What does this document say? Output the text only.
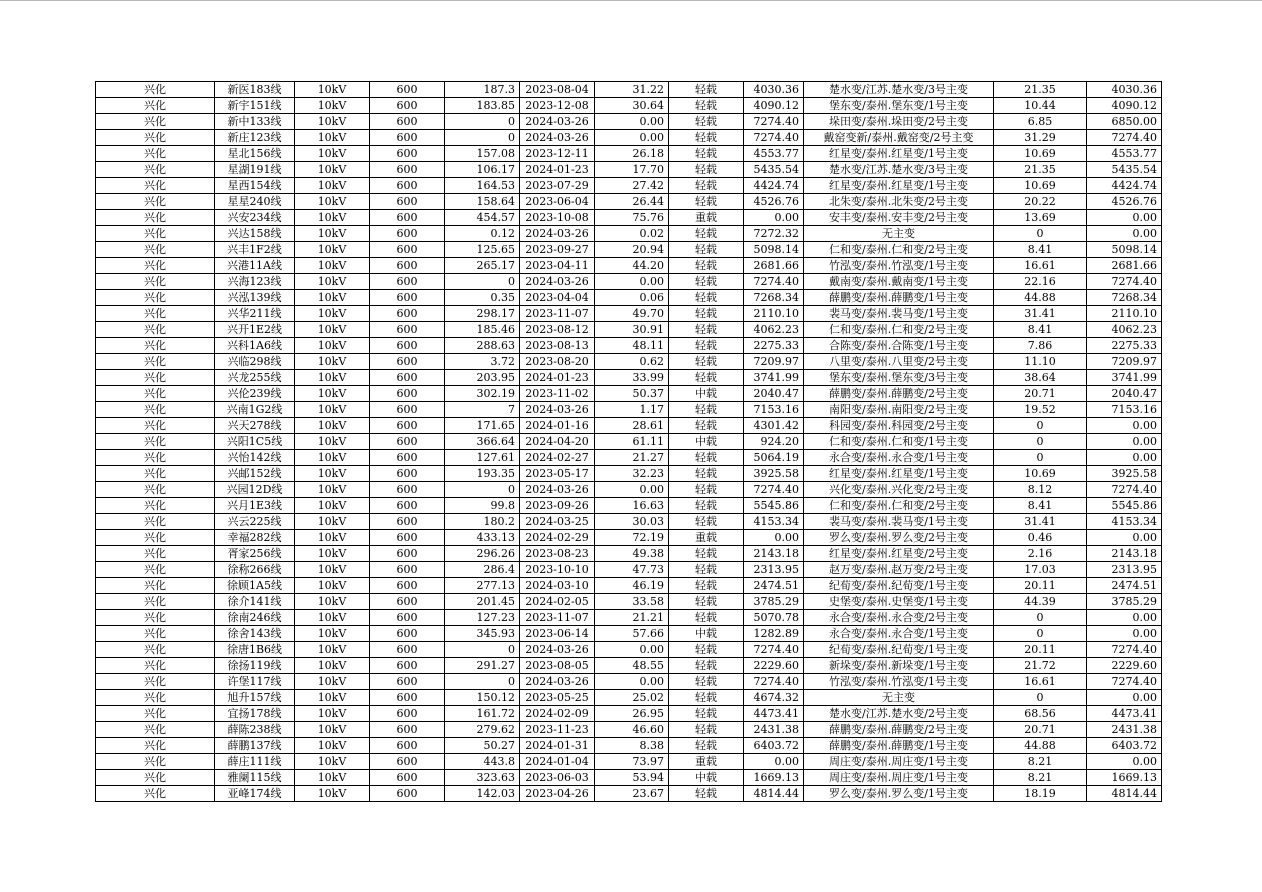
兴化	新医183线	10kV	600	187.3	2023-08-04	31.22	轻载	4030.36	楚水变/江苏.楚水变/3号主变	21.35	4030.36
兴化	新宇151线	10kV	600	183.85	2023-12-08	30.64	轻载	4090.12	堡东变/泰州.堡东变/1号主变	10.44	4090.12
兴化	新中133线	10kV	600	0	2024-03-26	0.00	轻载	7274.40	垛田变/泰州.垛田变/2号主变	6.85	6850.00
兴化	新庄123线	10kV	600	0	2024-03-26	0.00	轻载	7274.40	戴窑变新/泰州.戴窑变/2号主变	31.29	7274.40
兴化	星北156线	10kV	600	157.08	2023-12-11	26.18	轻载	4553.77	红星变/泰州.红星变/1号主变	10.69	4553.77
兴化	星湖191线	10kV	600	106.17	2024-01-23	17.70	轻载	5435.54	楚水变/江苏.楚水变/3号主变	21.35	5435.54
兴化	星西154线	10kV	600	164.53	2023-07-29	27.42	轻载	4424.74	红星变/泰州.红星变/1号主变	10.69	4424.74
兴化	星星240线	10kV	600	158.64	2023-06-04	26.44	轻载	4526.76	北朱变/泰州.北朱变/2号主变	20.22	4526.76
兴化	兴安234线	10kV	600	454.57	2023-10-08	75.76	重载	0.00	安丰变/泰州.安丰变/2号主变	13.69	0.00
兴化	兴达158线	10kV	600	0.12	2024-03-26	0.02	轻载	7272.32	无主变	0	0.00
兴化	兴丰1F2线	10kV	600	125.65	2023-09-27	20.94	轻载	5098.14	仁和变/泰州.仁和变/2号主变	8.41	5098.14
兴化	兴港11A线	10kV	600	265.17	2023-04-11	44.20	轻载	2681.66	竹泓变/泰州.竹泓变/1号主变	16.61	2681.66
兴化	兴海123线	10kV	600	0	2024-03-26	0.00	轻载	7274.40	戴南变/泰州.戴南变/1号主变	22.16	7274.40
兴化	兴泓139线	10kV	600	0.35	2023-04-04	0.06	轻载	7268.34	薛鹏变/泰州.薛鹏变/1号主变	44.88	7268.34
兴化	兴华211线	10kV	600	298.17	2023-11-07	49.70	轻载	2110.10	裴马变/泰州.裴马变/1号主变	31.41	2110.10
兴化	兴开1E2线	10kV	600	185.46	2023-08-12	30.91	轻载	4062.23	仁和变/泰州.仁和变/2号主变	8.41	4062.23
兴化	兴科1A6线	10kV	600	288.63	2023-08-13	48.11	轻载	2275.33	合陈变/泰州.合陈变/1号主变	7.86	2275.33
兴化	兴临298线	10kV	600	3.72	2023-08-20	0.62	轻载	7209.97	八里变/泰州.八里变/2号主变	11.10	7209.97
兴化	兴龙255线	10kV	600	203.95	2024-01-23	33.99	轻载	3741.99	堡东变/泰州.堡东变/3号主变	38.64	3741.99
兴化	兴伦239线	10kV	600	302.19	2023-11-02	50.37	中载	2040.47	薛鹏变/泰州.薛鹏变/2号主变	20.71	2040.47
兴化	兴南1G2线	10kV	600	7	2024-03-26	1.17	轻载	7153.16	南阳变/泰州.南阳变/2号主变	19.52	7153.16
兴化	兴天278线	10kV	600	171.65	2024-01-16	28.61	轻载	4301.42	科园变/泰州.科园变/2号主变	0	0.00
兴化	兴阳1C5线	10kV	600	366.64	2024-04-20	61.11	中载	924.20	仁和变/泰州.仁和变/1号主变	0	0.00
兴化	兴怡142线	10kV	600	127.61	2024-02-27	21.27	轻载	5064.19	永合变/泰州.永合变/1号主变	0	0.00
兴化	兴邮152线	10kV	600	193.35	2023-05-17	32.23	轻载	3925.58	红星变/泰州.红星变/1号主变	10.69	3925.58
兴化	兴园12D线	10kV	600	0	2024-03-26	0.00	轻载	7274.40	兴化变/泰州.兴化变/2号主变	8.12	7274.40
兴化	兴月1E3线	10kV	600	99.8	2023-09-26	16.63	轻载	5545.86	仁和变/泰州.仁和变/2号主变	8.41	5545.86
兴化	兴云225线	10kV	600	180.2	2024-03-25	30.03	轻载	4153.34	裴马变/泰州.裴马变/1号主变	31.41	4153.34
兴化	幸福282线	10kV	600	433.13	2024-02-29	72.19	重载	0.00	罗么变/泰州.罗么变/2号主变	0.46	0.00
兴化	胥家256线	10kV	600	296.26	2023-08-23	49.38	轻载	2143.18	红星变/泰州.红星变/2号主变	2.16	2143.18
兴化	徐称266线	10kV	600	286.4	2023-10-10	47.73	轻载	2313.95	赵万变/泰州.赵万变/2号主变	17.03	2313.95
兴化	徐顾1A5线	10kV	600	277.13	2024-03-10	46.19	轻载	2474.51	纪荀变/泰州.纪荀变/1号主变	20.11	2474.51
兴化	徐介141线	10kV	600	201.45	2024-02-05	33.58	轻载	3785.29	史堡变/泰州.史堡变/1号主变	44.39	3785.29
兴化	徐南246线	10kV	600	127.23	2023-11-07	21.21	轻载	5070.78	永合变/泰州.永合变/2号主变	0	0.00
兴化	徐舍143线	10kV	600	345.93	2023-06-14	57.66	中载	1282.89	永合变/泰州.永合变/1号主变	0	0.00
兴化	徐唐1B6线	10kV	600	0	2024-03-26	0.00	轻载	7274.40	纪荀变/泰州.纪荀变/1号主变	20.11	7274.40
兴化	徐扬119线	10kV	600	291.27	2023-08-05	48.55	轻载	2229.60	新垛变/泰州.新垛变/1号主变	21.72	2229.60
兴化	许堡117线	10kV	600	0	2024-03-26	0.00	轻载	7274.40	竹泓变/泰州.竹泓变/1号主变	16.61	7274.40
兴化	旭升157线	10kV	600	150.12	2023-05-25	25.02	轻载	4674.32	无主变	0	0.00
兴化	宜扬178线	10kV	600	161.72	2024-02-09	26.95	轻载	4473.41	楚水变/江苏.楚水变/2号主变	68.56	4473.41
兴化	薛陈238线	10kV	600	279.62	2023-11-23	46.60	轻载	2431.38	薛鹏变/泰州.薛鹏变/2号主变	20.71	2431.38
兴化	薛鹏137线	10kV	600	50.27	2024-01-31	8.38	轻载	6403.72	薛鹏变/泰州.薛鹏变/1号主变	44.88	6403.72
兴化	薛庄111线	10kV	600	443.8	2024-01-04	73.97	重载	0.00	周庄变/泰州.周庄变/1号主变	8.21	0.00
兴化	雅阑115线	10kV	600	323.63	2023-06-03	53.94	中载	1669.13	周庄变/泰州.周庄变/1号主变	8.21	1669.13
兴化	亚峰174线	10kV	600	142.03	2023-04-26	23.67	轻载	4814.44	罗么变/泰州.罗么变/1号主变	18.19	4814.44
